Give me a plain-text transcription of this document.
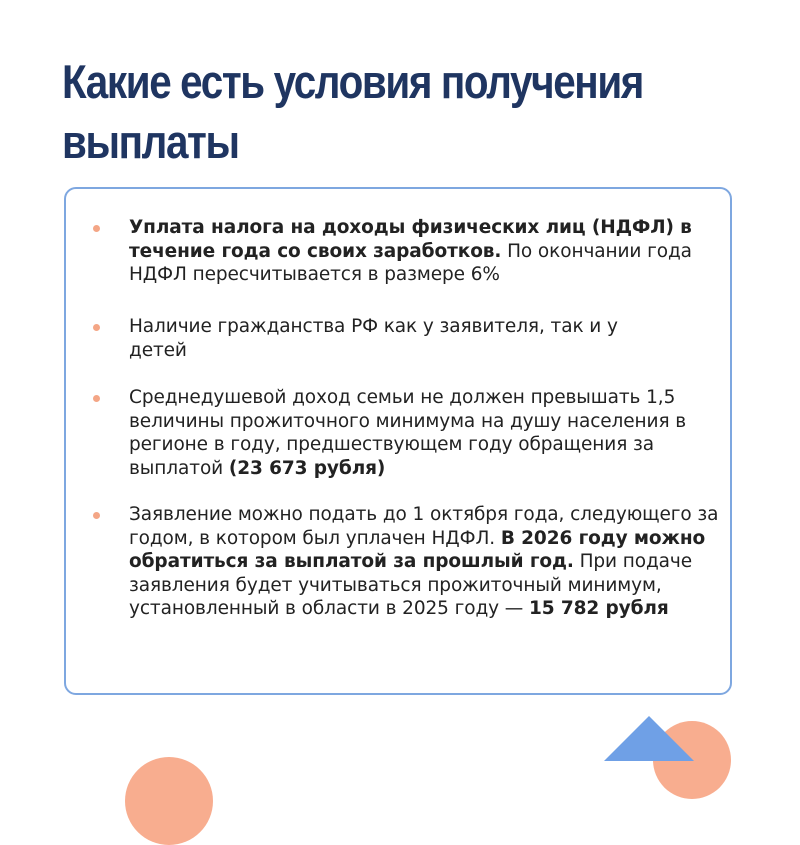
Какие есть условия получения выплаты
Уплата налога на доходы физических лиц (НДФЛ) в течение года со своих заработков. По окончании года НДФЛ пересчитывается в размере 6%
Наличие гражданства РФ как у заявителя, так и у детей
Среднедушевой доход семьи не должен превышать 1,5 величины прожиточного минимума на душу населения в регионе в году, предшествующем году обращения за выплатой (23 673 рубля)
Заявление можно подать до 1 октября года, следующего за годом, в котором был уплачен НДФЛ. В 2026 году можно обратиться за выплатой за прошлый год. При подаче заявления будет учитываться прожиточный минимум, установленный в области в 2025 году — 15 782 рубля
